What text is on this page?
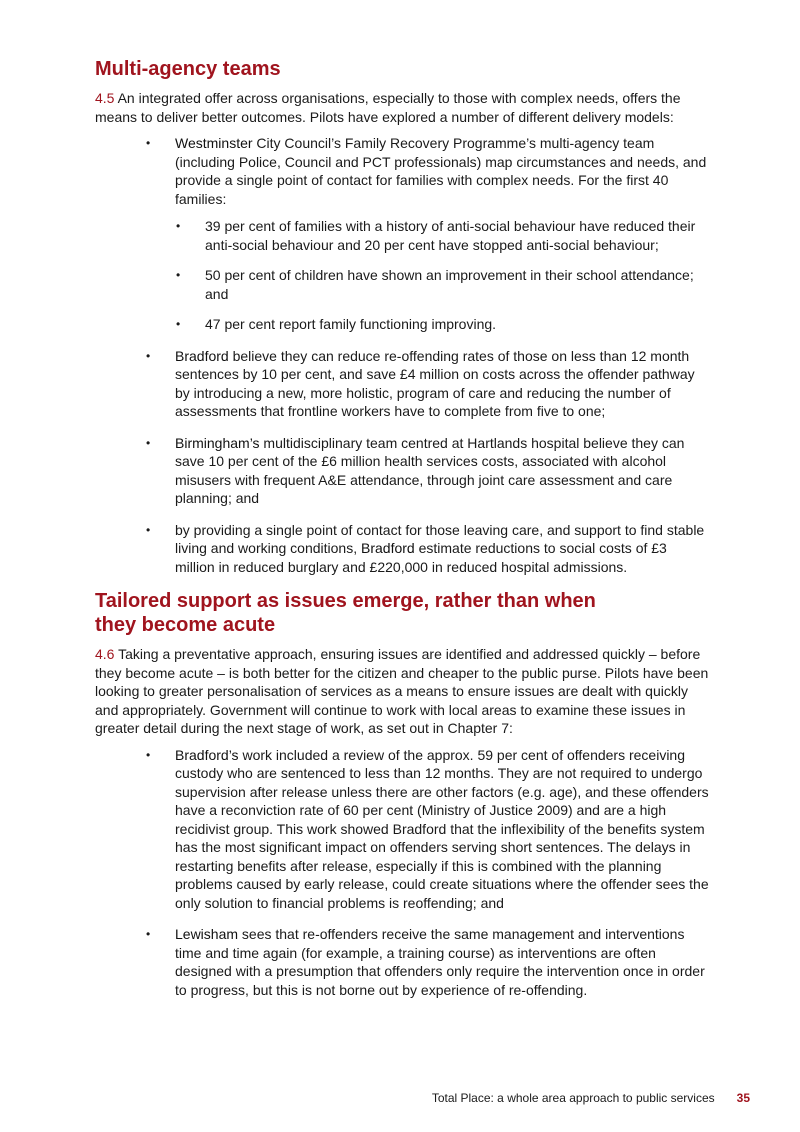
Multi-agency teams

4.5 An integrated offer across organisations, especially to those with complex needs, offers the means to deliver better outcomes. Pilots have explored a number of different delivery models:

• Westminster City Council’s Family Recovery Programme’s multi-agency team (including Police, Council and PCT professionals) map circumstances and needs, and provide a single point of contact for families with complex needs. For the first 40 families:
• 39 per cent of families with a history of anti-social behaviour have reduced their anti-social behaviour and 20 per cent have stopped anti-social behaviour;
• 50 per cent of children have shown an improvement in their school attendance; and
• 47 per cent report family functioning improving.
• Bradford believe they can reduce re-offending rates of those on less than 12 month sentences by 10 per cent, and save £4 million on costs across the offender pathway by introducing a new, more holistic, program of care and reducing the number of assessments that frontline workers have to complete from five to one;
• Birmingham’s multidisciplinary team centred at Hartlands hospital believe they can save 10 per cent of the £6 million health services costs, associated with alcohol misusers with frequent A&E attendance, through joint care assessment and care planning; and
• by providing a single point of contact for those leaving care, and support to find stable living and working conditions, Bradford estimate reductions to social costs of £3 million in reduced burglary and £220,000 in reduced hospital admissions.
Tailored support as issues emerge, rather than when they become acute

4.6 Taking a preventative approach, ensuring issues are identified and addressed quickly – before they become acute – is both better for the citizen and cheaper to the public purse. Pilots have been looking to greater personalisation of services as a means to ensure issues are dealt with quickly and appropriately. Government will continue to work with local areas to examine these issues in greater detail during the next stage of work, as set out in Chapter 7:

• Bradford’s work included a review of the approx. 59 per cent of offenders receiving custody who are sentenced to less than 12 months. They are not required to undergo supervision after release unless there are other factors (e.g. age), and these offenders have a reconviction rate of 60 per cent (Ministry of Justice 2009) and are a high recidivist group. This work showed Bradford that the inflexibility of the benefits system has the most significant impact on offenders serving short sentences. The delays in restarting benefits after release, especially if this is combined with the planning problems caused by early release, could create situations where the offender sees the only solution to financial problems is reoffending; and
• Lewisham sees that re-offenders receive the same management and interventions time and time again (for example, a training course) as interventions are often designed with a presumption that offenders only require the intervention once in order to progress, but this is not borne out by experience of re-offending.
Total Place: a whole area approach to public services 35
